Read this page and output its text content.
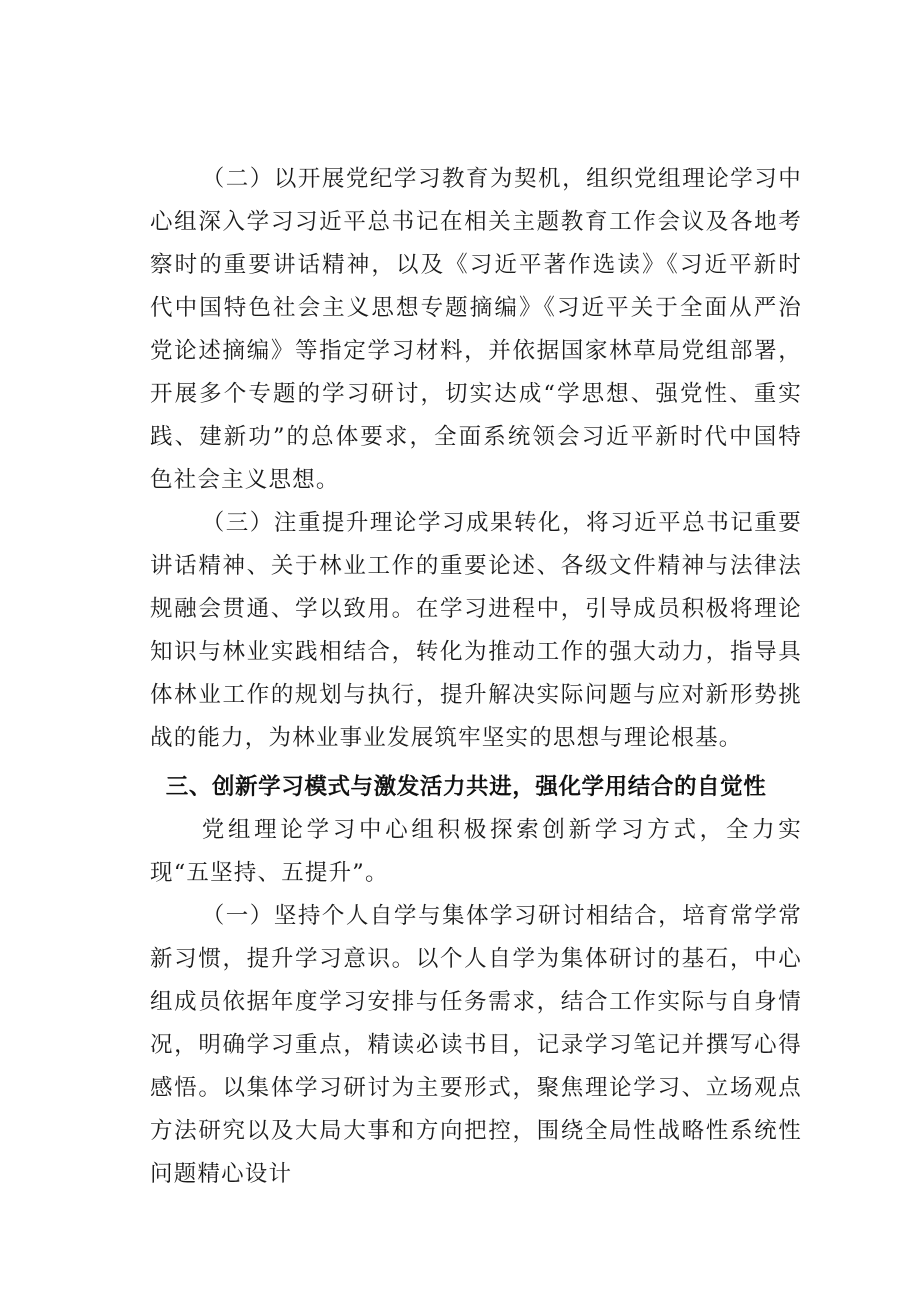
（二）以开展党纪学习教育为契机，组织党组理论学习中心组深入学习习近平总书记在相关主题教育工作会议及各地考察时的重要讲话精神，以及《习近平著作选读》《习近平新时代中国特色社会主义思想专题摘编》《习近平关于全面从严治党论述摘编》等指定学习材料，并依据国家林草局党组部署，开展多个专题的学习研讨，切实达成“学思想、强党性、重实践、建新功”的总体要求，全面系统领会习近平新时代中国特色社会主义思想。

（三）注重提升理论学习成果转化，将习近平总书记重要讲话精神、关于林业工作的重要论述、各级文件精神与法律法规融会贯通、学以致用。在学习进程中，引导成员积极将理论知识与林业实践相结合，转化为推动工作的强大动力，指导具体林业工作的规划与执行，提升解决实际问题与应对新形势挑战的能力，为林业事业发展筑牢坚实的思想与理论根基。

三、创新学习模式与激发活力共进，强化学用结合的自觉性

党组理论学习中心组积极探索创新学习方式，全力实现“五坚持、五提升”。

（一）坚持个人自学与集体学习研讨相结合，培育常学常新习惯，提升学习意识。以个人自学为集体研讨的基石，中心组成员依据年度学习安排与任务需求，结合工作实际与自身情况，明确学习重点，精读必读书目，记录学习笔记并撰写心得感悟。以集体学习研讨为主要形式，聚焦理论学习、立场观点方法研究以及大局大事和方向把控，围绕全局性战略性系统性问题精心设计
